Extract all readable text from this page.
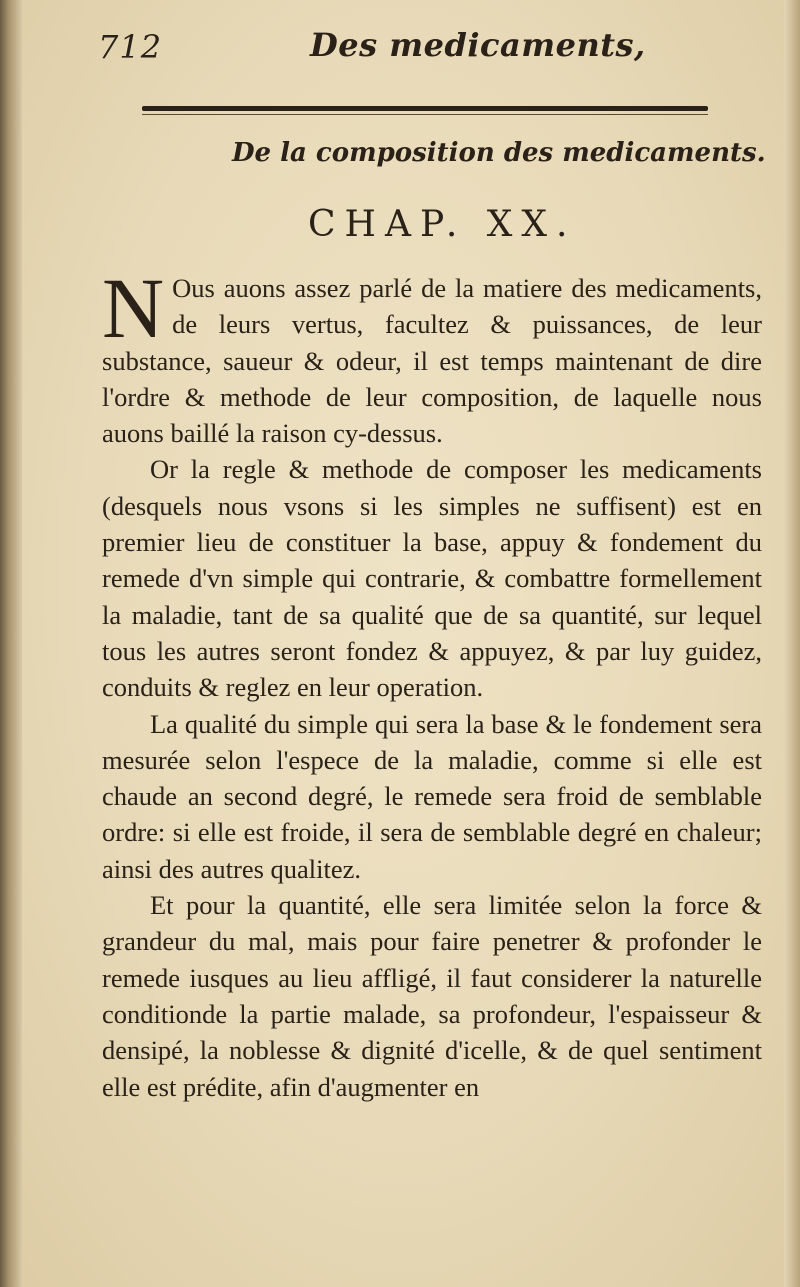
712	Des medicaments,
De la composition des medicaments.
CHAP. XX.

N Ous auons assez parlé de la matiere des medicaments, de leurs vertus, facultez & puissances, de leur substance, saueur & odeur, il est temps maintenant de dire l'ordre & methode de leur composition, de laquelle nous auons baillé la raison cy-dessus.

Or la regle & methode de composer les medicaments (desquels nous vsons si les simples ne suffisent) est en premier lieu de constituer la base, appuy & fondement du remede d'vn simple qui contrarie, & combattre formellement la maladie, tant de sa qualité que de sa quantité, sur lequel tous les autres seront fondez & appuyez, & par luy guidez, conduits & reglez en leur operation.

La qualité du simple qui sera la base & le fondement sera mesurée selon l'espece de la maladie, comme si elle est chaude an second degré, le remede sera froid de semblable ordre: si elle est froide, il sera de semblable degré en chaleur; ainsi des autres qualitez.

Et pour la quantité, elle sera limitée selon la force & grandeur du mal, mais pour faire penetrer & profonder le remede iusques au lieu affligé, il faut considerer la naturelle conditionde la partie malade, sa profondeur, l'espaisseur & densipé, la noblesse & dignité d'icelle, & de quel sentiment elle est prédite, afin d'augmenter en
